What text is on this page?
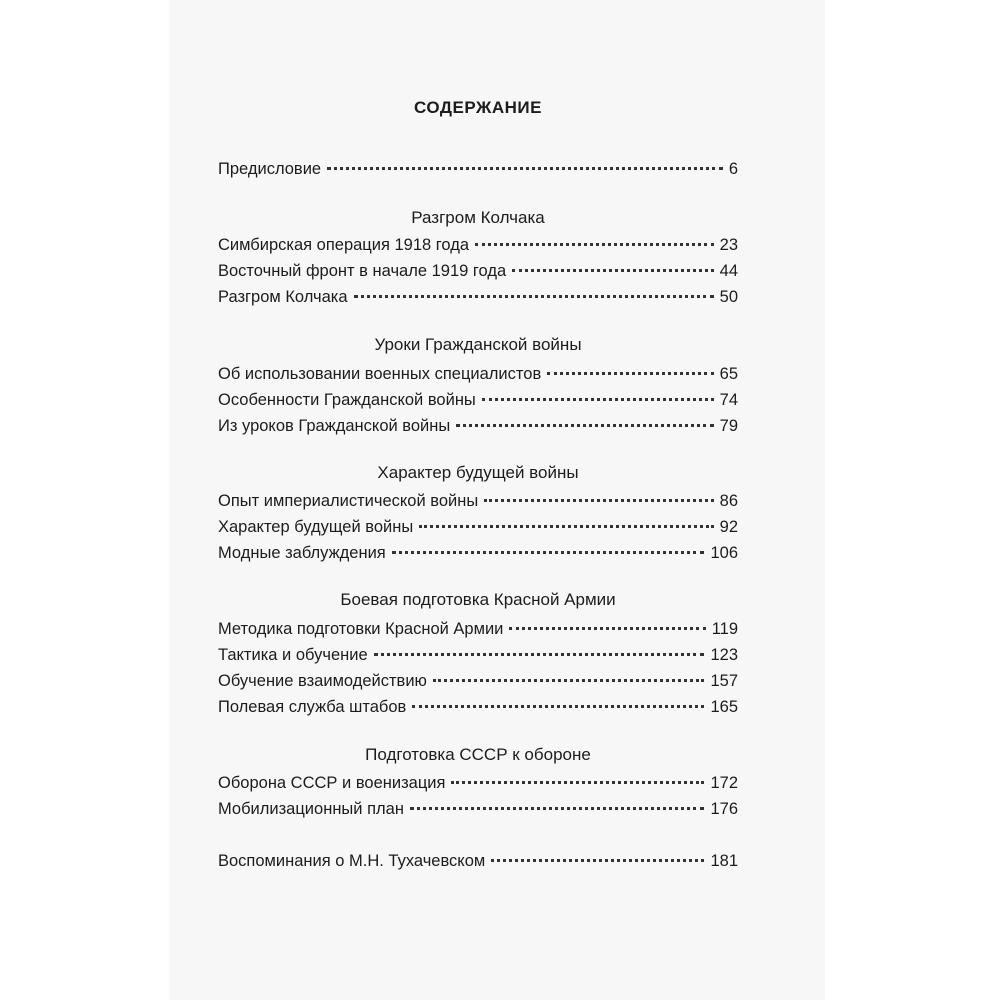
СОДЕРЖАНИЕ
Предисловие	6
Разгром Колчака
Симбирская операция 1918 года	23
Восточный фронт в начале 1919 года	44
Разгром Колчака	50
Уроки Гражданской войны
Об использовании военных специалистов	65
Особенности Гражданской войны	74
Из уроков Гражданской войны	79
Характер будущей войны
Опыт империалистической войны	86
Характер будущей войны	92
Модные заблуждения	106
Боевая подготовка Красной Армии
Методика подготовки Красной Армии	119
Тактика и обучение	123
Обучение взаимодействию	157
Полевая служба штабов	165
Подготовка СССР к обороне
Оборона СССР и военизация	172
Мобилизационный план	176
Воспоминания о М.Н. Тухачевском	181
